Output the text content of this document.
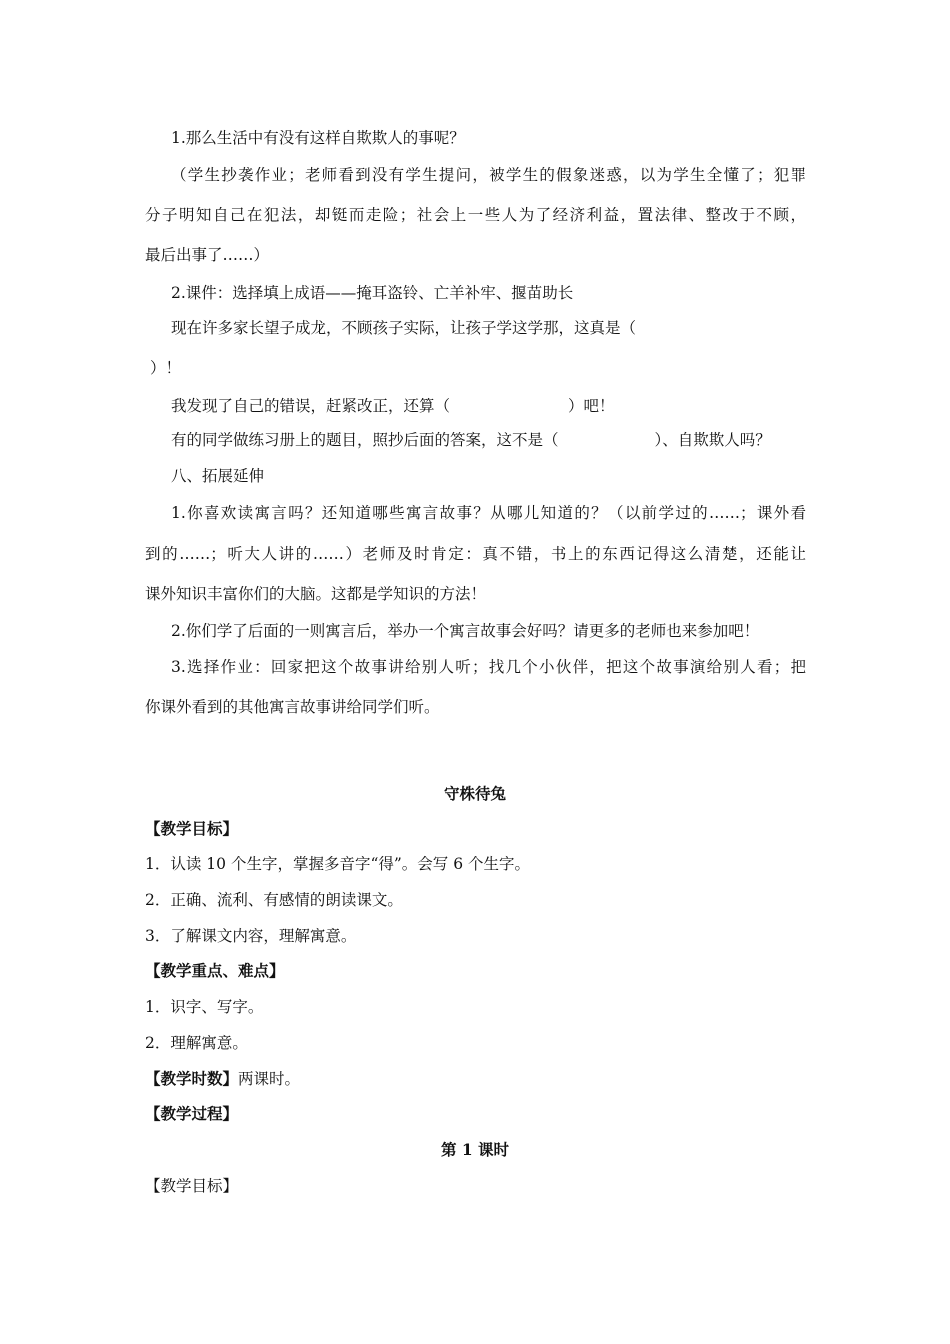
1.那么生活中有没有这样自欺欺人的事呢？
（学生抄袭作业；老师看到没有学生提问，被学生的假象迷惑，以为学生全懂了；犯罪
分子明知自己在犯法，却铤而走险；社会上一些人为了经济利益，置法律、整改于不顾，
最后出事了……）
2.课件：选择填上成语——掩耳盗铃、亡羊补牢、揠苗助长
现在许多家长望子成龙，不顾孩子实际，让孩子学这学那，这真是（
）！
我发现了自己的错误，赶紧改正，还算（	）吧！
有的同学做练习册上的题目，照抄后面的答案，这不是（	）、自欺欺人吗？
八、拓展延伸
1.你喜欢读寓言吗？还知道哪些寓言故事？从哪儿知道的？（以前学过的……；课外看
到的……；听大人讲的……）老师及时肯定：真不错，书上的东西记得这么清楚，还能让
课外知识丰富你们的大脑。这都是学知识的方法！
2.你们学了后面的一则寓言后，举办一个寓言故事会好吗？请更多的老师也来参加吧！
3.选择作业：回家把这个故事讲给别人听；找几个小伙伴，把这个故事演给别人看；把
你课外看到的其他寓言故事讲给同学们听。
守株待兔
【教学目标】
1．认读 10 个生字，掌握多音字“得”。会写 6 个生字。
2．正确、流利、有感情的朗读课文。
3．了解课文内容，理解寓意。
【教学重点、难点】
1．识字、写字。
2．理解寓意。
【教学时数】两课时。
【教学过程】
第 1 课时
【教学目标】
